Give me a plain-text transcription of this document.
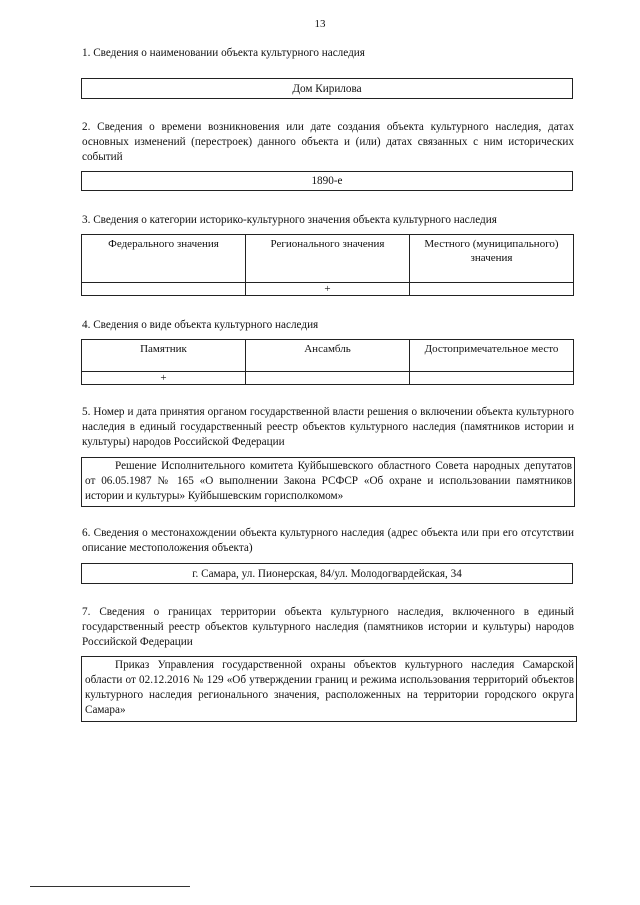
13
1. Сведения о наименовании объекта культурного наследия
Дом Кирилова
2. Сведения о времени возникновения или дате создания объекта культурного наследия, датах основных изменений (перестроек) данного объекта и (или) датах связанных с ним исторических событий
1890-е
3. Сведения о категории историко-культурного значения объекта культурного наследия
Федерального значения	Регионального значения	Местного (муниципального) значения
	+	
4. Сведения о виде объекта культурного наследия
Памятник	Ансамбль	Достопримечательное место
+		
5. Номер и дата принятия органом государственной власти решения о включении объекта культурного наследия в единый государственный реестр объектов культурного наследия (памятников истории и культуры) народов Российской Федерации
Решение Исполнительного комитета Куйбышевского областного Совета народных депутатов от 06.05.1987 № 165 «О выполнении Закона РСФСР «Об охране и использовании памятников истории и культуры» Куйбышевским горисполкомом»
6. Сведения о местонахождении объекта культурного наследия (адрес объекта или при его отсутствии описание местоположения объекта)
г. Самара, ул. Пионерская, 84/ул. Молодогвардейская, 34
7. Сведения о границах территории объекта культурного наследия, включенного в единый государственный реестр объектов культурного наследия (памятников истории и культуры) народов Российской Федерации
Приказ Управления государственной охраны объектов культурного наследия Самарской области от 02.12.2016 № 129 «Об утверждении границ и режима использования территорий объектов культурного наследия регионального значения, расположенных на территории городского округа Самара»
